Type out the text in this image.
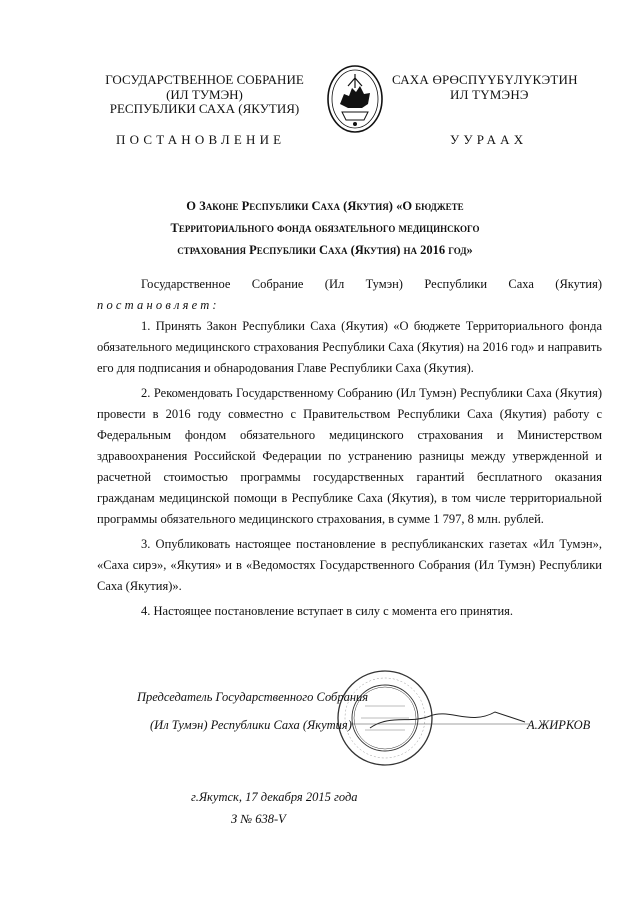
ГОСУДАРСТВЕННОЕ СОБРАНИЕ
(ИЛ ТУМЭН)
РЕСПУБЛИКИ САХА (ЯКУТИЯ)
САХА ӨРӨСПҮҮБҮЛҮКЭТИН
ИЛ ТҮМЭНЭ
ПОСТАНОВЛЕНИЕ	УУРААХ
О Законе Республики Саха (Якутия) «О бюджете
Территориального фонда обязательного медицинского
страхования Республики Саха (Якутия) на 2016 год»

Государственное Собрание (Ил Тумэн) Республики Саха (Якутия)

постановляет:

1. Принять Закон Республики Саха (Якутия) «О бюджете Территориального фонда обязательного медицинского страхования Республики Саха (Якутия) на 2016 год» и направить его для подписания и обнародования Главе Республики Саха (Якутия).

2. Рекомендовать Государственному Собранию (Ил Тумэн) Республики Саха (Якутия) провести в 2016 году совместно с Правительством Республики Саха (Якутия) работу с Федеральным фондом обязательного медицинского страхования и Министерством здравоохранения Российской Федерации по устранению разницы между утвержденной и расчетной стоимостью программы государственных гарантий бесплатного оказания гражданам медицинской помощи в Республике Саха (Якутия), в том числе территориальной программы обязательного медицинского страхования, в сумме 1 797, 8 млн. рублей.

3. Опубликовать настоящее постановление в республиканских газетах «Ил Тумэн», «Саха сирэ», «Якутия» и в «Ведомостях Государственного Собрания (Ил Тумэн) Республики Саха (Якутия)».

4. Настоящее постановление вступает в силу с момента его принятия.

Председатель Государственного Собрания
(Ил Тумэн) Республики Саха (Якутия)	А.ЖИРКОВ
г.Якутск, 17 декабря 2015 года
З № 638-V
